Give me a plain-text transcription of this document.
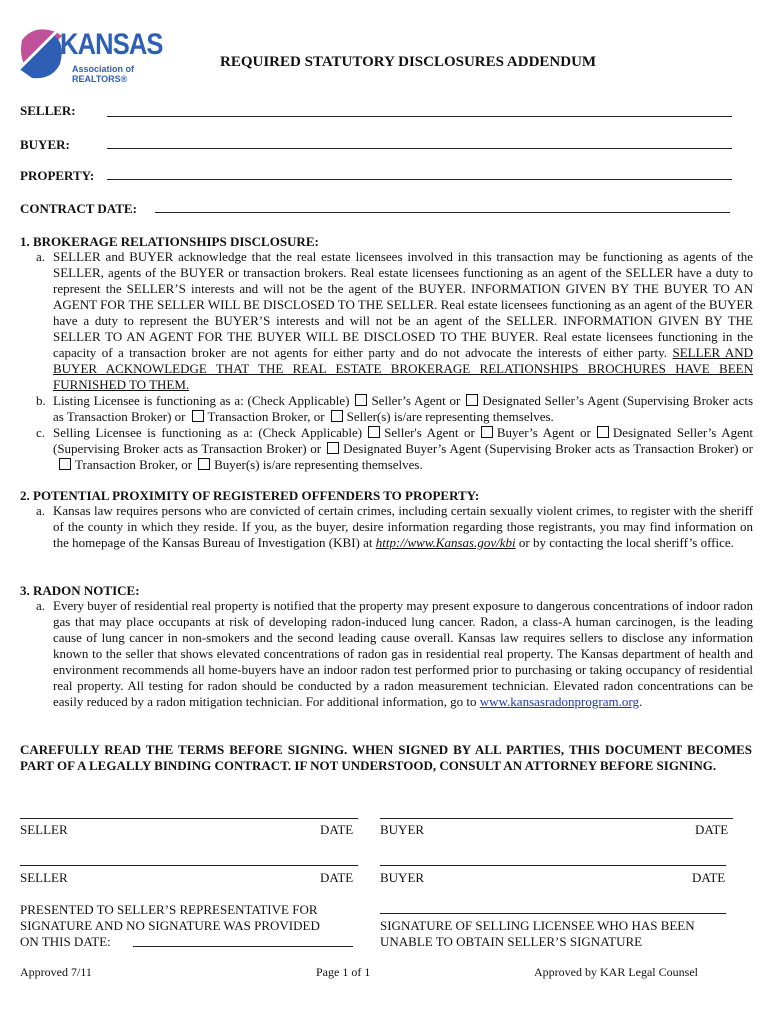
KANSAS
Association of REALTORS®
REQUIRED STATUTORY DISCLOSURES ADDENDUM
SELLER:
BUYER:
PROPERTY:
CONTRACT DATE:
1. BROKERAGE RELATIONSHIPS DISCLOSURE:
a. SELLER and BUYER acknowledge that the real estate licensees involved in this transaction may be functioning as agents of the SELLER, agents of the BUYER or transaction brokers. Real estate licensees functioning as an agent of the SELLER have a duty to represent the SELLER’S interests and will not be the agent of the BUYER. INFORMATION GIVEN BY THE BUYER TO AN AGENT FOR THE SELLER WILL BE DISCLOSED TO THE SELLER. Real estate licensees functioning as an agent of the BUYER have a duty to represent the BUYER’S interests and will not be an agent of the SELLER. INFORMATION GIVEN BY THE SELLER TO AN AGENT FOR THE BUYER WILL BE DISCLOSED TO THE BUYER. Real estate licensees functioning in the capacity of a transaction broker are not agents for either party and do not advocate the interests of either party. SELLER AND BUYER ACKNOWLEDGE THAT THE REAL ESTATE BROKERAGE RELATIONSHIPS BROCHURES HAVE BEEN FURNISHED TO THEM.
b. Listing Licensee is functioning as a: (Check Applicable) Seller’s Agent or Designated Seller’s Agent (Supervising Broker acts as Transaction Broker) or Transaction Broker, or Seller(s) is/are representing themselves.
c. Selling Licensee is functioning as a: (Check Applicable) Seller's Agent or Buyer’s Agent or Designated Seller’s Agent (Supervising Broker acts as Transaction Broker) or Designated Buyer’s Agent (Supervising Broker acts as Transaction Broker) orTransaction Broker, or Buyer(s) is/are representing themselves.
2. POTENTIAL PROXIMITY OF REGISTERED OFFENDERS TO PROPERTY:
a. Kansas law requires persons who are convicted of certain crimes, including certain sexually violent crimes, to register with the sheriff of the county in which they reside. If you, as the buyer, desire information regarding those registrants, you may find information on the homepage of the Kansas Bureau of Investigation (KBI) at http://www.Kansas.gov/kbi or by contacting the local sheriff’s office.
3. RADON NOTICE:
a. Every buyer of residential real property is notified that the property may present exposure to dangerous concentrations of indoor radon gas that may place occupants at risk of developing radon-induced lung cancer. Radon, a class-A human carcinogen, is the leading cause of lung cancer in non-smokers and the second leading cause overall. Kansas law requires sellers to disclose any information known to the seller that shows elevated concentrations of radon gas in residential real property. The Kansas department of health and environment recommends all home-buyers have an indoor radon test performed prior to purchasing or taking occupancy of residential real property. All testing for radon should be conducted by a radon measurement technician. Elevated radon concentrations can be easily reduced by a radon mitigation technician. For additional information, go to www.kansasradonprogram.org.
CAREFULLY READ THE TERMS BEFORE SIGNING. WHEN SIGNED BY ALL PARTIES, THIS DOCUMENT BECOMES PART OF A LEGALLY BINDING CONTRACT. IF NOT UNDERSTOOD, CONSULT AN ATTORNEY BEFORE SIGNING.
SELLER	DATE BUYER	DATE
SELLER	DATE BUYER	DATE
PRESENTED TO SELLER’S REPRESENTATIVE FOR
SIGNATURE AND NO SIGNATURE WAS PROVIDED
ON THIS DATE:
SIGNATURE OF SELLING LICENSEE WHO HAS BEEN
UNABLE TO OBTAIN SELLER’S SIGNATURE
Approved 7/11	Page 1 of 1	Approved by KAR Legal Counsel
